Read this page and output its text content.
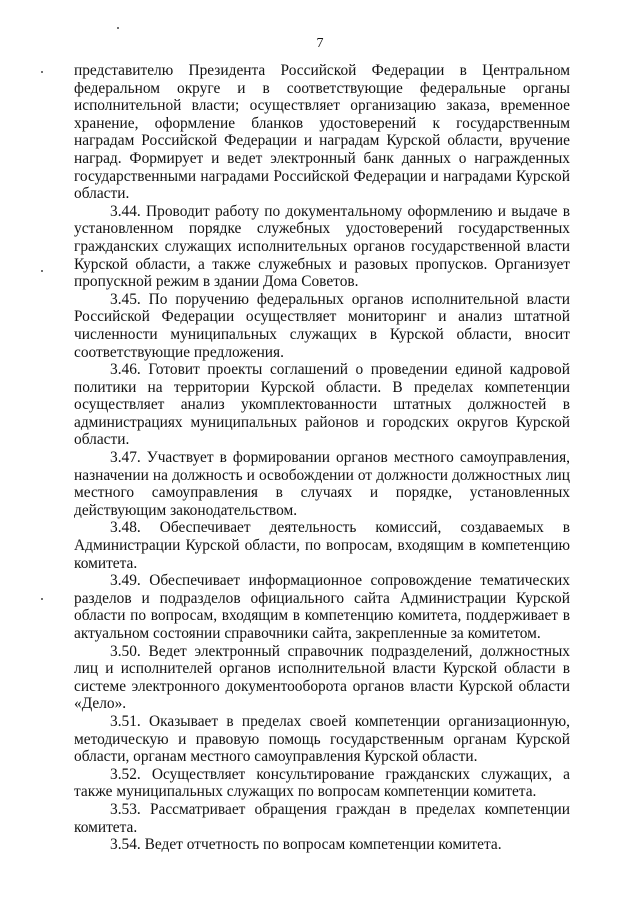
7

представителю Президента Российской Федерации в Центральном федеральном округе и в соответствующие федеральные органы исполнительной власти; осуществляет организацию заказа, временное хранение, оформление бланков удостоверений к государственным наградам Российской Федерации и наградам Курской области, вручение наград. Формирует и ведет электронный банк данных о награжденных государственными наградами Российской Федерации и наградами Курской области.

3.44. Проводит работу по документальному оформлению и выдаче в установленном порядке служебных удостоверений государственных гражданских служащих исполнительных органов государственной власти Курской области, а также служебных и разовых пропусков. Организует пропускной режим в здании Дома Советов.

3.45. По поручению федеральных органов исполнительной власти Российской Федерации осуществляет мониторинг и анализ штатной численности муниципальных служащих в Курской области, вносит соответствующие предложения.

3.46. Готовит проекты соглашений о проведении единой кадровой политики на территории Курской области. В пределах компетенции осуществляет анализ укомплектованности штатных должностей в администрациях муниципальных районов и городских округов Курской области.

3.47. Участвует в формировании органов местного самоуправления, назначении на должность и освобождении от должности должностных лиц местного самоуправления в случаях и порядке, установленных действующим законодательством.

3.48. Обеспечивает деятельность комиссий, создаваемых в Администрации Курской области, по вопросам, входящим в компетенцию комитета.

3.49. Обеспечивает информационное сопровождение тематических разделов и подразделов официального сайта Администрации Курской области по вопросам, входящим в компетенцию комитета, поддерживает в актуальном состоянии справочники сайта, закрепленные за комитетом.

3.50. Ведет электронный справочник подразделений, должностных лиц и исполнителей органов исполнительной власти Курской области в системе электронного документооборота органов власти Курской области «Дело».

3.51. Оказывает в пределах своей компетенции организационную, методическую и правовую помощь государственным органам Курской области, органам местного самоуправления Курской области.

3.52. Осуществляет консультирование гражданских служащих, а также муниципальных служащих по вопросам компетенции комитета.

3.53. Рассматривает обращения граждан в пределах компетенции комитета.

3.54. Ведет отчетность по вопросам компетенции комитета.
